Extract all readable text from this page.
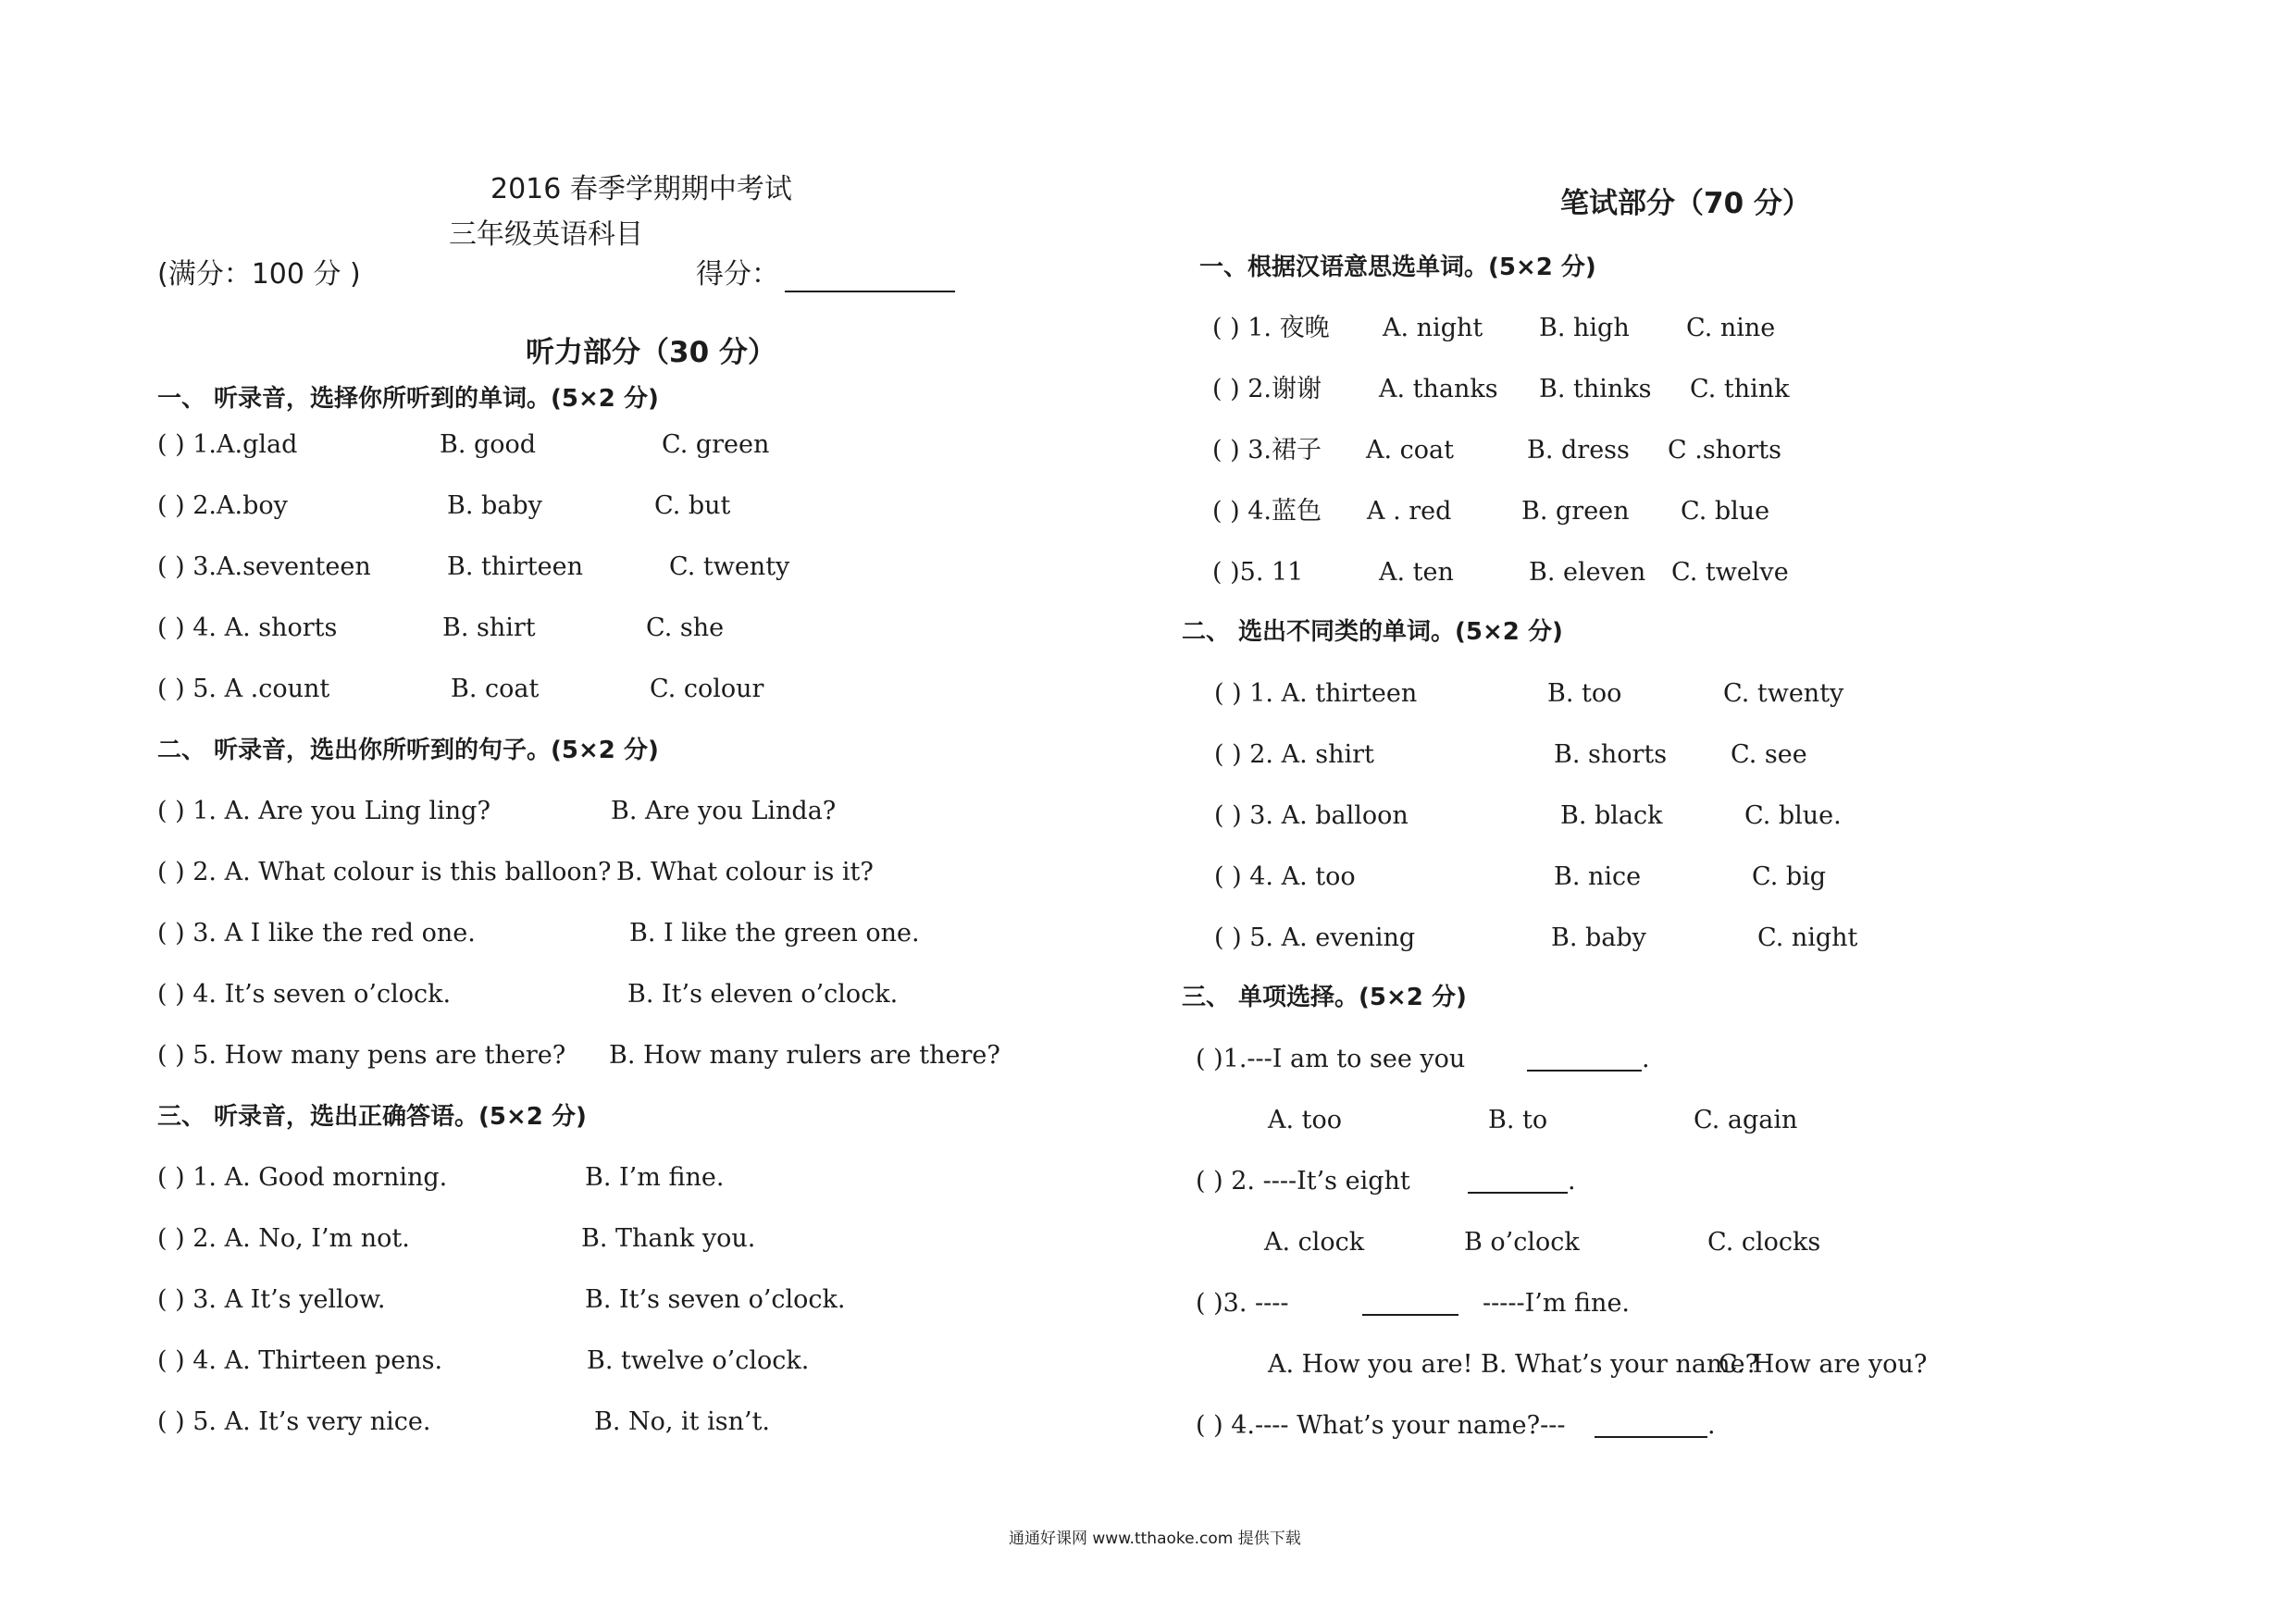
2016 春季学期期中考试
三年级英语科目
(满分：100 分 )	得分：
听力部分（30 分）
一、 听录音，选择你所听到的单词。(5×2 分)
( ) 1.A.glad	B. good	C. green
( ) 2.A.boy	B. baby	C. but
( ) 3.A.seventeen	B. thirteen	C. twenty
( ) 4. A. shorts	B. shirt	C. she
( ) 5. A .count	B. coat	C. colour
二、 听录音，选出你所听到的句子。(5×2 分)
( ) 1. A. Are you Ling ling?	B. Are you Linda?
( ) 2. A. What colour is this balloon? B. What colour is it?
( ) 3. A I like the red one.	B. I like the green one.
( ) 4. It’s seven o’clock.	B. It’s eleven o’clock.
( ) 5. How many pens are there? B. How many rulers are there?
三、 听录音，选出正确答语。(5×2 分)
( ) 1. A. Good morning.	B. I’m fine.
( ) 2. A. No, I’m not.	B. Thank you.
( ) 3. A It’s yellow.	B. It’s seven o’clock.
( ) 4. A. Thirteen pens.	B. twelve o’clock.
( ) 5. A. It’s very nice.	B. No, it isn’t.
笔试部分（70 分）
一、根据汉语意思选单词。(5×2 分)
( ) 1. 夜晚 A. night B. high C. nine
( ) 2.谢谢 A. thanks B. thinks C. think
( ) 3.裙子 A. coat	B. dress C .shorts
( ) 4.蓝色 A . red	B. green C. blue
( )5. 11	A. ten	B. eleven C. twelve
二、 选出不同类的单词。(5×2 分)
( ) 1. A. thirteen	B. too	C. twenty
( ) 2. A. shirt	B. shorts	C. see
( ) 3. A. balloon	B. black	C. blue.
( ) 4. A. too	B. nice	C. big
( ) 5. A. evening	B. baby	C. night
三、 单项选择。(5×2 分)
( )1.---I am to see you	.
A. too	B. to	C. again
( ) 2. ----It’s eight	.
A. clock	B o’clock	C. clocks
( )3. ----	-----I’m fine.
A. How you are! B. What’s your name?
C. How are you?
( ) 4.---- What’s your name?---	.
通通好课网 www.tthaoke.com 提供下载
